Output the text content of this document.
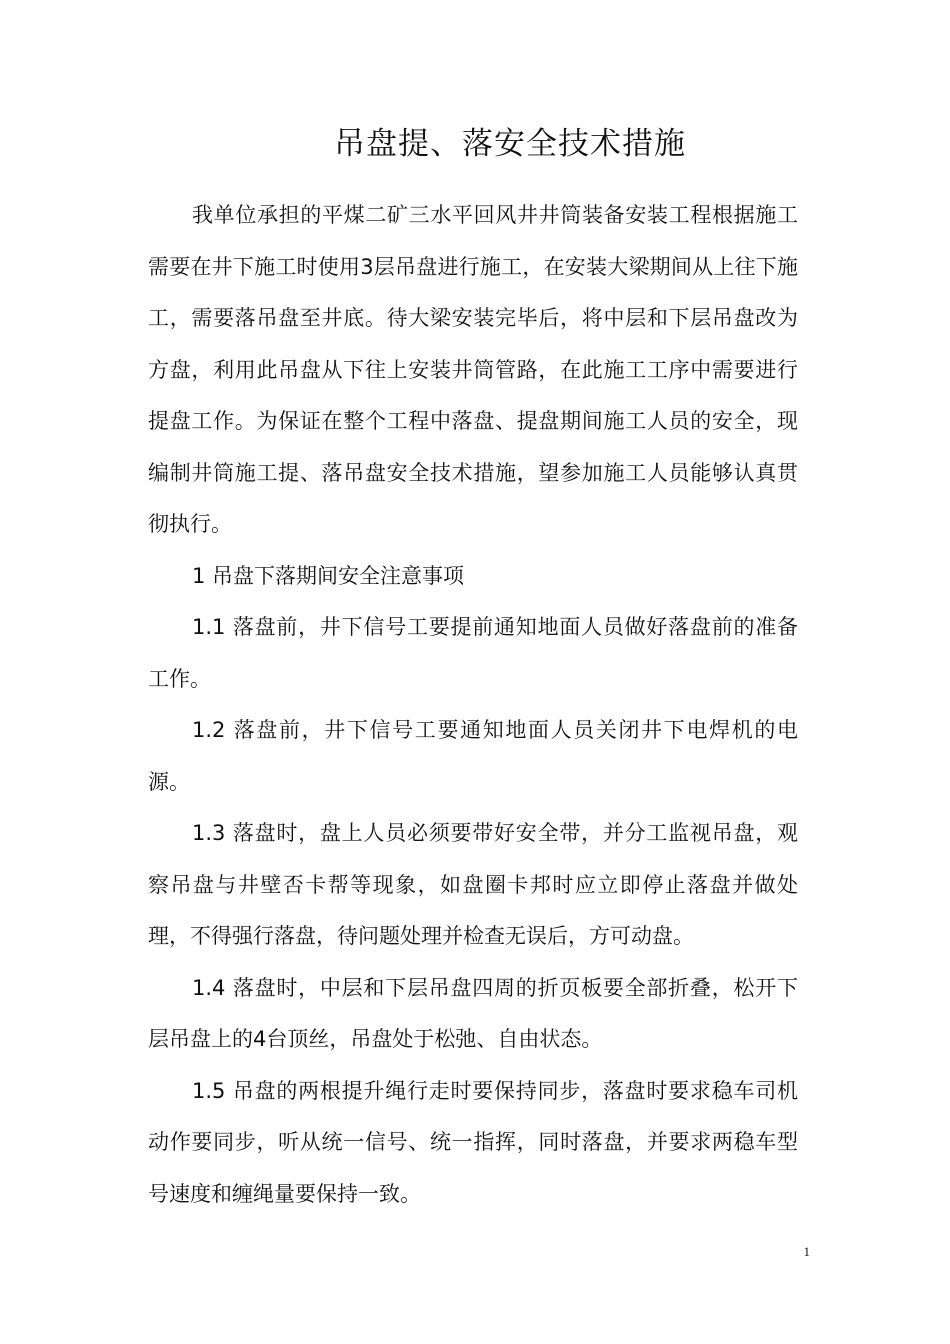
吊盘提、落安全技术措施

我单位承担的平煤二矿三水平回风井井筒装备安装工程根据施工需要在井下施工时使用3层吊盘进行施工，在安装大梁期间从上往下施工，需要落吊盘至井底。待大梁安装完毕后，将中层和下层吊盘改为方盘，利用此吊盘从下往上安装井筒管路，在此施工工序中需要进行提盘工作。为保证在整个工程中落盘、提盘期间施工人员的安全，现编制井筒施工提、落吊盘安全技术措施，望参加施工人员能够认真贯彻执行。

1 吊盘下落期间安全注意事项

1.1 落盘前，井下信号工要提前通知地面人员做好落盘前的准备工作。

1.2 落盘前，井下信号工要通知地面人员关闭井下电焊机的电源。

1.3 落盘时，盘上人员必须要带好安全带，并分工监视吊盘，观察吊盘与井壁否卡帮等现象，如盘圈卡邦时应立即停止落盘并做处理，不得强行落盘，待问题处理并检查无误后，方可动盘。

1.4 落盘时，中层和下层吊盘四周的折页板要全部折叠，松开下层吊盘上的4台顶丝，吊盘处于松弛、自由状态。

1.5 吊盘的两根提升绳行走时要保持同步，落盘时要求稳车司机动作要同步，听从统一信号、统一指挥，同时落盘，并要求两稳车型号速度和缠绳量要保持一致。

1
